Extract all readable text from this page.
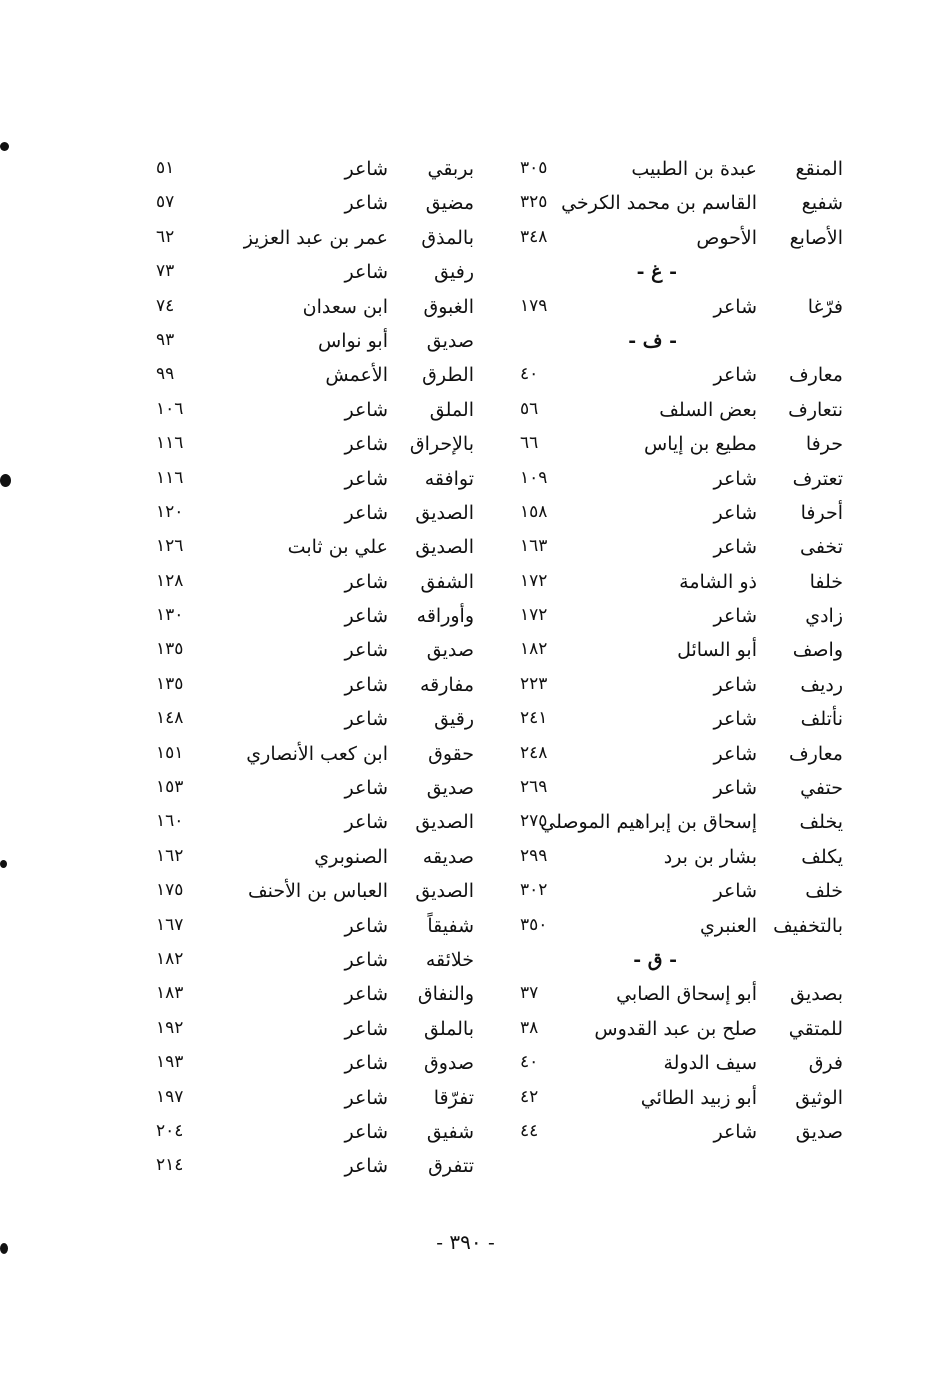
المنقع
عبدة بن الطبيب
٣٠٥
شفيع
القاسم بن محمد الكرخي
٣٢٥
الأصابع
الأحوص
٣٤٨
- غ -
فرّغا
شاعر
١٧٩
- ف -
معارف
شاعر
٤٠
نتعارف
بعض السلف
٥٦
حرفا
مطيع بن إياس
٦٦
تعترف
شاعر
١٠٩
أحرفا
شاعر
١٥٨
تخفى
شاعر
١٦٣
خلفا
ذو الشامة
١٧٢
زادي
شاعر
١٧٢
واصف
أبو السائل
١٨٢
رديف
شاعر
٢٢٣
نأتلف
شاعر
٢٤١
معارف
شاعر
٢٤٨
حتفي
شاعر
٢٦٩
يخلف
إسحاق بن إبراهيم الموصلي
٢٧٥
يكلف
بشار بن برد
٢٩٩
خلف
شاعر
٣٠٢
بالتخفيف
العنبري
٣٥٠
- ق -
بصديق
أبو إسحاق الصابي
٣٧
للمتقي
صلح بن عبد القدوس
٣٨
فرق
سيف الدولة
٤٠
الوثيق
أبو زبيد الطائي
٤٢
صديق
شاعر
٤٤
بربقي
شاعر
٥١
مضيق
شاعر
٥٧
بالمذق
عمر بن عبد العزيز
٦٢
رفيق
شاعر
٧٣
الغبوق
ابن سعدان
٧٤
صديق
أبو نواس
٩٣
الطرق
الأعمش
٩٩
الملق
شاعر
١٠٦
بالإحراق
شاعر
١١٦
توافقه
شاعر
١١٦
الصديق
شاعر
١٢٠
الصديق
علي بن ثابت
١٢٦
الشفق
شاعر
١٢٨
وأوراقه
شاعر
١٣٠
صديق
شاعر
١٣٥
مفارقه
شاعر
١٣٥
رقيق
شاعر
١٤٨
حقوق
ابن كعب الأنصاري
١٥١
صديق
شاعر
١٥٣
الصديق
شاعر
١٦٠
صديقه
الصنوبري
١٦٢
الصديق
العباس بن الأحنف
١٧٥
شفيقاً
شاعر
١٦٧
خلائقه
شاعر
١٨٢
والنفاق
شاعر
١٨٣
بالملق
شاعر
١٩٢
صدوق
شاعر
١٩٣
تفرّقا
شاعر
١٩٧
شفيق
شاعر
٢٠٤
تتفرق
شاعر
٢١٤
- ٣٩٠ -
